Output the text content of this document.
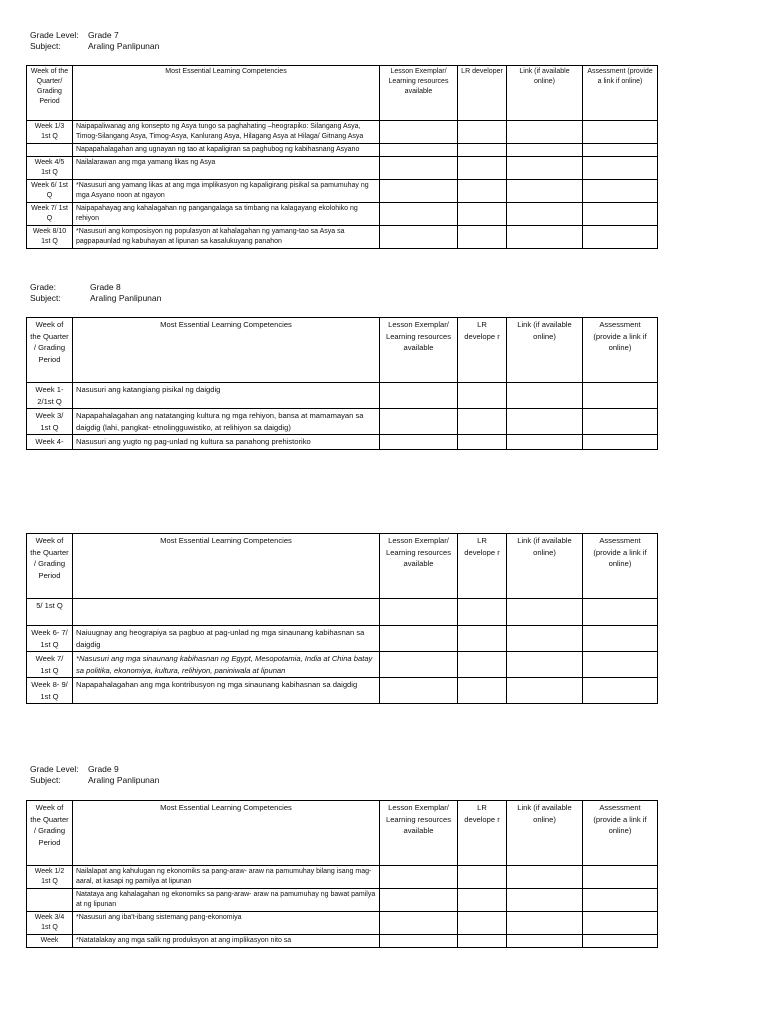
Grade Level:	Grade 7
Subject:	Araling Panlipunan
Week of the Quarter/ Grading Period	Most Essential Learning Competencies	Lesson Exemplar/ Learning resources available	LR developer	Link (if available online)	Assessment (provide a link if online)
Week 1/3 1st Q	Naipapaliwanag ang konsepto ng Asya tungo sa paghahating –heograpiko: Silangang Asya, Timog-Silangang Asya, Timog-Asya, Kanlurang Asya, Hilagang Asya at Hilaga/ Gitnang Asya				
	Napapahalagahan ang ugnayan ng tao at kapaligiran sa paghubog ng kabihasnang Asyano				
Week 4/5 1st Q	Nailalarawan ang mga yamang likas ng Asya				
Week 6/ 1st Q	*Nasusuri ang yamang likas at ang mga implikasyon ng kapaligirang pisikal sa pamumuhay ng mga Asyano noon at ngayon				
Week 7/ 1st Q	Naipapahayag ang kahalagahan ng pangangalaga sa timbang na kalagayang ekolohiko ng rehiyon				
Week 8/10 1st Q	*Nasusuri ang komposisyon ng populasyon at kahalagahan ng yamang-tao sa Asya sa pagpapaunlad ng kabuhayan at lipunan sa kasalukuyang panahon				
Grade:	Grade 8
Subject:	Araling Panlipunan
Week of the Quarter / Grading Period	Most Essential Learning Competencies	Lesson Exemplar/ Learning resources available	LR develope r	Link (if available online)	Assessment (provide a link if online)
Week 1- 2/1st Q	Nasusuri ang katangiang pisikal ng daigdig				
Week 3/ 1st Q	Napapahalagahan ang natatanging kultura ng mga rehiyon, bansa at mamamayan sa daigdig (lahi, pangkat- etnolingguwistiko, at relihiyon sa daigdig)				
Week 4-	Nasusuri ang yugto ng pag-unlad ng kultura sa panahong prehistoriko				
Week of the Quarter / Grading Period	Most Essential Learning Competencies	Lesson Exemplar/ Learning resources available	LR develope r	Link (if available online)	Assessment (provide a link if online)
5/ 1st Q					
Week 6- 7/ 1st Q	Naiuugnay ang heograpiya sa pagbuo at pag-unlad ng mga sinaunang kabihasnan sa daigdig				
Week 7/ 1st Q	*Nasusuri ang mga sinaunang kabihasnan ng Egypt, Mesopotamia, India at China batay sa politika, ekonomiya, kultura, relihiyon, paniniwala at lipunan				
Week 8- 9/ 1st Q	Napapahalagahan ang mga kontribusyon ng mga sinaunang kabihasnan sa daigdig				
Grade Level:	Grade 9
Subject:	Araling Panlipunan
Week of the Quarter / Grading Period	Most Essential Learning Competencies	Lesson Exemplar/ Learning resources available	LR develope r	Link (if available online)	Assessment (provide a link if online)
Week 1/2 1st Q	Nailalapat ang kahulugan ng ekonomiks sa pang-araw- araw na pamumuhay bilang isang mag-aaral, at kasapi ng pamilya at lipunan				
	Natataya ang kahalagahan ng ekonomiks sa pang-araw- araw na pamumuhay ng bawat pamilya at ng lipunan				
Week 3/4 1st Q	*Nasusuri ang iba't-ibang sistemang pang-ekonomiya				
Week	*Natatalakay ang mga salik ng produksyon at ang implikasyon nito sa				
